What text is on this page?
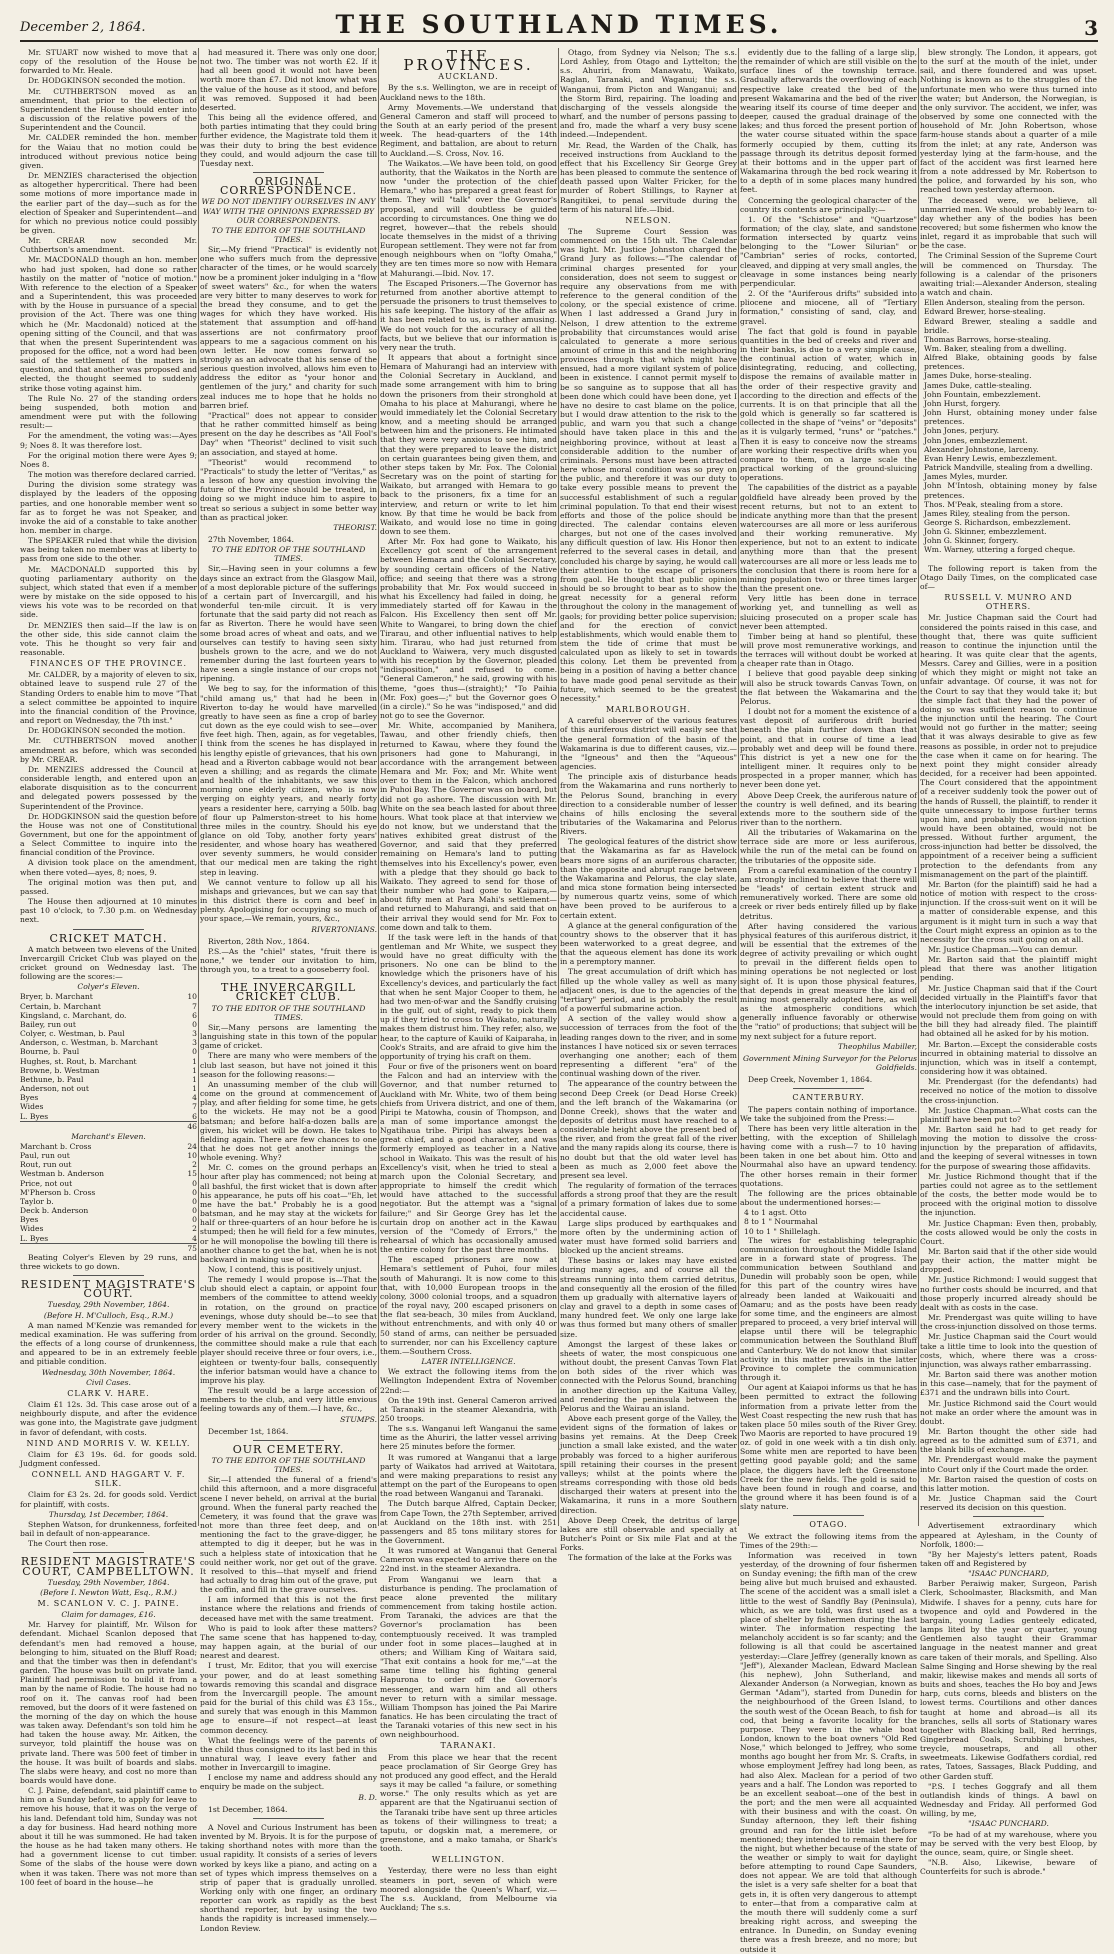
December 2, 1864.	THE SOUTHLAND TIMES.	3

Mr. STUART now wished to move that a copy of the resolution of the House be forwarded to Mr. Heale.

Dr. HODGKINSON seconded the motion.

Mr. CUTHBERTSON moved as an amendment, that prior to the election of Superintendent the House should enter into a discussion of the relative powers of the Superintendent and the Council.

Mr. CALDER reminded the hon. member for the Waiau that no motion could be introduced without previous notice being given.

Dr. MENZIES characterised the objection as altogether hypercritical. There had been some motions of more importance made in the earlier part of the day—such as for the election of Speaker and Superintendent—and for which no previous notice could possibly be given.

Mr. CREAR now seconded Mr. Cuthbertson's amendment.

Mr. MACDONALD though an hon. member who had just spoken, had done so rather hastily on the matter of "notice of motion." With reference to the election of a Speaker and a Superintendent, this was proceeded with by the House in pursuance of a special provision of the Act. There was one thing which he (Mr. Macdonald) noticed at the opening sitting of the Council, and that was that when the present Superintendent was proposed for the office, not a word had been said of the settlement of the matters in question, and that another was proposed and elected, the thought seemed to suddenly strike those voting against him.

The Rule No. 27 of the standing orders being suspended, both motion and amendment were put with the following result:—

For the amendment, the voting was:—Ayes 9; Noes 8. It was therefore lost.

For the original motion there were Ayes 9; Noes 8.

The motion was therefore declared carried.

During the division some strategy was displayed by the leaders of the opposing parties, and one honorable member went so far as to forget he was not Speaker, and invoke the aid of a constable to take another hon. member in charge.

The SPEAKER ruled that while the division was being taken no member was at liberty to pass from one side to the other.

Mr. MACDONALD supported this by quoting parliamentary authority on the subject, which stated that even if a member were by mistake on the side opposed to his views his vote was to be recorded on that side.

Dr. MENZIES then said—If the law is on the other side, this side cannot claim the vote. This he thought so very fair and reasonable.

FINANCES OF THE PROVINCE.

Mr. CALDER, by a majority of eleven to six, obtained leave to suspend rule 27 of the Standing Orders to enable him to move "That a select committee be appointed to inquire into the financial condition of the Province, and report on Wednesday, the 7th inst."

Dr. HODGKINSON seconded the motion.

Mr. CUTHBERTSON moved another amendment as before, which was seconded by Mr. CREAR.

Dr. MENZIES addressed the Council at considerable length, and entered upon an elaborate disquisition as to the concurrent and delegated powers possessed by the Superintendent of the Province.

Dr. HODGKINSON said the question before the House was not one of Constitutional Government, but one for the appointment of a Select Committee to inquire into the financial condition of the Province.

A division took place on the amendment, when there voted—ayes, 8; noes, 9.

The original motion was then put, and passed.

The House then adjourned at 10 minutes past 10 o'clock, to 7.30 p.m. on Wednesday next.

CRICKET MATCH.

A match between two elevens of the United Invercargill Cricket Club was played on the cricket ground on Wednesday last. The following are the scores:—

Colyer's Eleven.
Bryer, b. Marchant	10
Certain, b. Marchant	7
Kingsland, c. Marchant, do.	6
Bailey, run out	0
Colyer, c. Westman, b. Paul	3
Anderson, c. Westman, b. Marchant	3
Bourne, b. Paul	0
Hughes, st. Rout, b. Marchant	1
Browne, b. Westman	1
Bethune, b. Paul	1
Anderson, not out	1
Byes	4
Wides	7
L. Byes	6
	46
Marchant's Eleven.
Marchant b. Cross	24
Paul, run out	10
Rout, run out	2
Westman b. Anderson	15
Price, not out	0
M'Pherson b. Cross	0
Taylor b.	0
Deck b. Anderson	0
Byes	0
Wides	2
L. Byes	4
	75

Beating Colyer's Eleven by 29 runs, and three wickets to go down.

RESIDENT MAGISTRATE'S COURT.
Tuesday, 29th November, 1864.
(Before H. M'Culloch, Esq., R.M.)

A man named M'Kenzie was remanded for medical examination. He was suffering from the effects of a long course of drunkenness, and appeared to be in an extremely feeble and pitiable condition.

Wednesday, 30th November, 1864.
Civil Cases.
CLARK V. HARE.

Claim £1 12s. 3d. This case arose out of a neighbourly dispute, and after the evidence was gone into, the Magistrate gave judgment in favor of defendant, with costs.

NIND AND MORRIS V. W. KELLY.

Claim for £3 19s. 6d. for goods sold. Judgment confessed.

CONNELL AND HAGGART V. F. SILK.

Claim for £3 2s. 2d. for goods sold. Verdict for plaintiff, with costs.

Thursday, 1st December, 1864.

Stephen Watson, for drunkenness, forfeited bail in default of non-appearance.

The Court then rose.

RESIDENT MAGISTRATE'S COURT, CAMPBELLTOWN.
Tuesday, 29th November, 1864.
(Before I. Newton Watt, Esq., R.M.)
M. SCANLON V. C. J. PAINE.
Claim for damages, £16.

Mr. Harvey for plaintiff, Mr. Wilson for defendant. Michael Scanlon deposed that defendant's men had removed a house, belonging to him, situated on the Bluff Road; and that the timber was then in defendant's garden. The house was built on private land. Plaintiff had permission to build it from a man by the name of Rodie. The house had no roof on it. The canvas roof had been removed, but the doors of it were fastened on the morning of the day on which the house was taken away. Defendant's son told him he had taken the house away. Mr. Aitken, the surveyor, told plaintiff the house was on private land. There was 500 feet of timber in the house. It was built of boards and slabs. The slabs were heavy, and cost no more than boards would have done.

C. J. Paine, defendant, said plaintiff came to him on a Sunday before, to apply for leave to remove his house, that it was on the verge of his land. Defendant told him, Sunday was not a day for business. Had heard nothing more about it till he was summoned. He had taken the house as he had taken many others. He had a government license to cut timber. Some of the slabs of the house were down when it was taken. There was not more than 100 feet of board in the house—he

had measured it. There was only one door, not two. The timber was not worth £2. If it had all been good it would not have been worth more than £7. Did not know what was the value of the house as it stood, and before it was removed. Supposed it had been deserted.

This being all the evidence offered, and both parties intimating that they could bring further evidence, the Magistrate told them it was their duty to bring the best evidence they could, and would adjourn the case till Tuesday next.

ORIGINAL CORRESPONDENCE.
WE DO NOT IDENTIFY OURSELVES IN ANY WAY WITH THE OPINIONS EXPRESSED BY OUR CORRESPONDENTS.
TO THE EDITOR OF THE SOUTHLAND TIMES.

Sir,—My friend "Practical" is evidently not one who suffers much from the depressive character of the times, or he would scarcely now be a prominent joker indulging in a "flow of sweet waters" &c., for when the waters are very bitter to many deserves to work for the bread they consume, and to get the wages for which they have worked. His statement that assumption and off-hand assertions are not confirmatory proof appears to me a sagacious comment on his own letter. He now comes forward so strongly as an advocate that his sense of the serious question involved, allows him even to address the editor as "your honor and gentlemen of the jury," and charity for such zeal induces me to hope that he holds no barren brief.

"Practical" does not appear to consider that he rather committed himself as being present on the day he describes as "All Fool's Day" when "Theorist" declined to visit such an association, and stayed at home.

"Theorist" would recommend to "Practicals" to study the letter of "Veritas," as a lesson of how any question involving the future of the Province should be treated, in doing so we might induce him to aspire to treat so serious a subject in some better way than as practical joker.

THEORIST.

27th November, 1864.

TO THE EDITOR OF THE SOUTHLAND TIMES.

Sir,—Having seen in your columns a few days since an extract from the Glasgow Mail, of a most deplorable picture of the sufferings of a certain part of Invercargill, and his wonderful ten-mile circuit. It is very fortunate that the said party did not reach as far as Riverton. There he would have seen some broad acres of wheat and oats, and we ourselves can testify to having seen sixty bushels grown to the acre, and we do not remember during the last fourteen years to have seen a single instance of our crops not ripening.

We beg to say, for the information of this "child amang us," that had he been in Riverton to-day he would have marvelled greatly to have seen as fine a crop of barley cut down as the eye could wish to see—over five feet high. Then, again, as for vegetables, I think from the scenes he has displayed in his lengthy epistle of grievances, that his own head and a Riverton cabbage would not bear even a shilling; and as regards the climate and health of the inhabitants, we saw this morning one elderly citizen, who is now verging on eighty years, and nearly forty years a residenter here, carrying a 50lb. bag of flour up Palmerston-street to his home three miles in the country. Should his eye glance on old Toby, another forty years' residenter, and whose hoary has weathered over seventy summers, he would consider that our medical men are taking the right step in leaving.

We cannot venture to follow up all his mishaps and grievances, but we can say that in this district there is corn and beef in plenty. Apologising for occupying so much of your space,—We remain, yours, &c.,

RIVERTONIANS.

Riverton, 28th Nov., 1864.

P.S.—As the "chiel" states, "fruit there is none," we tender our invitation to him, through you, to a treat to a gooseberry fool.

THE INVERCARGILL CRICKET CLUB.
TO THE EDITOR OF THE SOUTHLAND TIMES.

Sir,—Many persons are lamenting the languishing state in this town of the popular game of cricket.

There are many who were members of the club last season, but have not joined it this season for the following reasons:—

An unassuming member of the club will come on the ground at commencement of play, and after fielding for some time, he gets to the wickets. He may not be a good batsman; and before half-a-dozen balls are given, his wicket will be down. He takes to fielding again. There are few chances to one that he does not get another innings the whole evening. Why?

Mr. C. comes on the ground perhaps an hour after play has commenced; not being at all bashful, the first wicket that is down after his appearance, he puts off his coat—"Eh, let me have the bat." Probably he is a good batsman, and he may stay at the wickets for half or three-quarters of an hour before he is stumped; then he will field for a few minutes, or he will monopolise the bowling till there is another chance to get the bat, when he is not backward in making use of it.

Now, I contend, this is positively unjust.

The remedy I would propose is—That the club should elect a captain, or appoint four members of the committee to attend weekly in rotation, on the ground on practice evenings, whose duty should be—to see that every member went to the wickets in the order of his arrival on the ground. Secondly, the committee should make a rule that each player should receive three or four overs, i.e., eighteen or twenty-four balls, consequently the inferior batsman would have a chance to improve his play.

The result would be a large accession of members to the club, and very little envious feeling towards any of them.—I have, &c.,

STUMPS.

December 1st, 1864.

OUR CEMETERY.
TO THE EDITOR OF THE SOUTHLAND TIMES.

Sir,—I attended the funeral of a friend's child this afternoon, and a more disgraceful scene I never beheld, on arrival at the burial ground. When the funeral party reached the Cemetery, it was found that the grave was not more than three feet deep, and on mentioning the fact to the grave-digger, he attempted to dig it deeper, but he was in such a helpless state of intoxication that he could neither work, nor get out of the grave. It resolved to this—that myself and friend had actually to drag him out of the grave, put the coffin, and fill in the grave ourselves.

I am informed that this is not the first instance where the relations and friends of deceased have met with the same treatment.

Who is paid to look after these matters? The same scene that has happened to-day, may happen again, at the burial of our nearest and dearest.

I trust, Mr. Editor, that you will exercise your power, and do at least something towards removing this scandal and disgrace from the Invercargill people. The amount paid for the burial of this child was £3 15s., and surely that was enough in this Mammon age to ensure—if not respect—at least common decency.

What the feelings were of the parents of the child thus consigned to its last bed in this unnatural way, I leave every father and mother in Invercargill to imagine.

I enclose my name and address should any enquiry be made on the subject.

B. D.

1st December, 1864.

A Novel and Curious Instrument has been invented by M. Bryois. It is for the purpose of taking shorthand notes with more than the usual rapidity. It consists of a series of levers worked by keys like a piano, and acting on a set of types which impress themselves on a strip of paper that is gradually unrolled. Working only with one finger, an ordinary reporter can work as rapidly as the best shorthand reporter, but by using the two hands the rapidity is increased immensely.—London Review.

THE PROVINCES.
AUCKLAND.

By the s.s. Wellington, we are in receipt of Auckland news to the 18th.

Army Movements.—We understand that General Cameron and staff will proceed to the South at an early period of the present week. The head-quarters of the 14th Regiment, and battalion, are about to return to Auckland.—S. Cross, Nov. 16.

The Waikatos.—We have been told, on good authority, that the Waikatos in the North are now "under the protection of the chief Hemara," who has prepared a great feast for them. They will "talk" over the Governor's proposal, and will doubtless be guided according to circumstances. One thing we do regret, however—that the rebels should locate themselves in the midst of a thriving European settlement. They were not far from enough neighbours when on "lofty Omaha," they are ten times more so now with Hemara at Mahurangi.—Ibid. Nov. 17.

The Escaped Prisoners.—The Governor has returned from another abortive attempt to persuade the prisoners to trust themselves to his safe keeping. The history of the affair as it has been related to us, is rather amusing. We do not vouch for the accuracy of all the facts, but we believe that our information is very near the truth.

It appears that about a fortnight since Hemara of Mahurangi had an interview with the Colonial Secretary in Auckland, and made some arrangement with him to bring down the prisoners from their stronghold at Omaha to his place at Mahurangi, where he would immediately let the Colonial Secretary know, and a meeting should be arranged between him and the prisoners. He intimated that they were very anxious to see him, and that they were prepared to leave the district on certain guarantees being given them, and other steps taken by Mr. Fox. The Colonial Secretary was on the point of starting for Waikato, but arranged with Hemara to go back to the prisoners, fix a time for an interview, and return or write to let him know. By that time he would be back from Waikato, and would lose no time in going down to see them.

After Mr. Fox had gone to Waikato, his Excellency got scent of the arrangement between Hemara and the Colonial Secretary, by sounding certain officers of the Native office; and seeing that there was a strong probability that Mr. Fox would succeed in what his Excellency had failed in doing, he immediately started off for Kawau in the Falcon. His Excellency then sent off Mr. White to Wangarei, to bring down the chief Tirarau, and other influential natives to help him. Tirarau, who had just returned from Auckland to Waiwera, very much disgusted with his reception by the Governor, pleaded "indisposition," and refused to come. "General Cameron," he said, growing with his theme, "goes thus—(straight);" "To Paihia (Mr. Fox) goes—;" but the Governor goes O (in a circle)." So he was "indisposed," and did not go to see the Governor.

Mr. White, accompanied by Manihera, Tawau, and other friendly chiefs, then returned to Kawau, where they found the prisoners had gone to Mahurangi, in accordance with the arrangement between Hemara and Mr. Fox; and Mr. White went over to them in the Falcon, which anchored in Puhoi Bay. The Governor was on board, but did not go ashore. The discussion with Mr. White on the sea beach lasted for about three hours. What took place at that interview we do not know, but we understand that the natives exhibited great distrust of the Governor, and said that they preferred remaining on Hemara's land to putting themselves into his Excellency's power, even with a pledge that they should go back to Waikato. They agreed to send for those of their number who had gone to Kaipara,—about fifty men at Para Mahi's settlement—and returned to Mahurangi, and said that on their arrival they would send for Mr. Fox to come down and talk to them.

If the task were left in the hands of that gentleman and Mr White, we suspect they would have no great difficulty with the prisoners. No one can be blind to the knowledge which the prisoners have of his Excellency's devices, and particularly the fact that when he sent Major Cooper to them, he had two men-of-war and the Sandfly cruising in the gulf, out of sight, ready to pick them up if they tried to cross to Waikato, naturally makes them distrust him. They refer, also, we hear, to the capture of Kauiki of Kaiparaha, in Cook's Straits, and are afraid to give him the opportunity of trying his craft on them.

Four or five of the prisoners went on board the Falcon and had an interview with the Governor, and that number returned to Auckland with Mr. White, two of them being chiefs from Urivera district, and one of them, Piripi te Matowha, cousin of Thompson, and a man of some importance amongst the Ngatihaua tribe. Piripi has always been a great chief, and a good character, and was formerly employed as teacher in a Native school in Waikato. This was the result of his Excellency's visit, when he tried to steal a march upon the Colonial Secretary, and appropriate to himself the credit which would have attached to the successful negotiator. But the attempt was a "signal failure;" and Sir George Grey has let the curtain drop on another act in the Kawau version of the "Comedy of Errors," the rehearsal of which has occasionally amused the entire colony for the past three months.

The escaped prisoners are now at Hemara's settlement of Puhoi, four miles south of Mahurangi. It is now come to this that, with 10,000 European troops in the colony, 3000 colonial troops, and a squadron of the royal navy, 200 escaped prisoners on the flat sea-beach, 30 miles from Auckland, without entrenchments, and with only 40 or 50 stand of arms, can neither be persuaded to surrender, nor can his Excellency capture them.—Southern Cross.

LATER INTELLIGENCE.

We extract the following items from the Wellington Independent Extra of November 22nd:—

On the 19th inst. General Cameron arrived at Taranaki in the steamer Alexandria, with 250 troops.

The s.s. Wanganui left Wanganui the same time as the Ahuriri, the latter vessel arriving here 25 minutes before the former.

It was rumored at Wanganui that a large party of Waikatos had arrived at Waitotara, and were making preparations to resist any attempt on the part of the Europeans to open the road between Wanganui and Taranaki.

The Dutch barque Alfred, Captain Decker, from Cape Town, the 27th September, arrived at Auckland on the 18th inst. with 251 passengers and 85 tons military stores for the Government.

It was rumored at Wanganui that General Cameron was expected to arrive there on the 22nd inst. in the steamer Alexandra.

From Wanganui we learn that a disturbance is pending. The proclamation of peace alone prevented the military commencement from taking hostile action. From Taranaki, the advices are that the Governor's proclamation has been contemptuously received. It was trampled under foot in some places—laughed at in others; and William King of Waitara said, "That exit contains a hook for me,"—at the same time telling his fighting general Hapurona to order off the Governor's messenger, and warn him and all others never to return with a similar message. William Thompson has joined the Pai Marire fanatics. He has been circulating the tract of the Taranaki votaries of this new sect in his own neighbourhood.

TARANAKI.

From this place we hear that the recent peace proclamation of Sir George Grey has not produced any good effect, and the Herald says it may be called "a failure, or something worse." The only results which as yet are apparent are that the Ngatiruanui section of the Taranaki tribe have sent up three articles as tokens of their willingness to treat; a taputu, or dogskin mat, a meremere, or greenstone, and a mako tamaha, or Shark's tooth.

WELLINGTON.

Yesterday, there were no less than eight steamers in port, seven of which were moored alongside the Queen's Wharf, viz.—The s.s. Auckland, from Melbourne via Auckland; The s.s.

Otago, from Sydney via Nelson; The s.s. Lord Ashley, from Otago and Lyttelton; the s.s. Ahuriri, from Manawatu, Waikato, Raglan, Taranaki, and Waganui; the s.s. Wanganui, from Picton and Wanganui; and the Storm Bird, repairing. The loading and discharging of the vessels alongside the wharf, and the number of persons passing to and fro, made the wharf a very busy scene indeed.—Independent.

Mr. Read, the Warden of the Chalk, has received instructions from Auckland to the effect that his Excellency Sir George Grey has been pleased to commute the sentence of death passed upon Walter Fricker, for the murder of Robert Stillings, to Rayner at Rangitikei, to penal servitude during the term of his natural life.—Ibid.

NELSON.

The Supreme Court Session was commenced on the 15th ult. The Calendar was light. Mr. Justice Johnston charged the Grand Jury as follows:—"The calendar of criminal charges presented for your consideration, does not seem to suggest or require any observations from me with reference to the general condition of the colony, or the special existence of crime. When I last addressed a Grand Jury in Nelson, I drew attention to the extreme probability that circumstances would arise calculated to generate a more serious amount of crime in this and the neighboring provinces through that which might have ensued, had a more vigilant system of police been in existence. I cannot permit myself to be so sanguine as to suppose that all has been done which could have been done, yet I have no desire to cast blame on the police, but I would draw attention to the risk to the public, and warn you that such a change should have taken place in this and the neighboring province, without at least a considerable addition to the number of criminals. Persons must have been attracted here whose moral condition was so prey on the public, and therefore it was our duty to take every possible means to prevent the successful establishment of such a regular criminal population. To that end their wisest efforts and those of the police should be directed. The calendar contains eleven charges, but not one of the cases involved any difficult question of law. His Honor then referred to the several cases in detail, and concluded his charge by saying, he would call their attention to the escape of prisoners from gaol. He thought that public opinion should be so brought to bear as to show the great necessity for a general reform throughout the colony in the management of gaols; for providing better police supervision; and for the erection of convict establishments, which would enable them to stem the tide of crime that must be calculated upon as likely to set in towards this colony. Let them be prevented from being in a position of having a better chance to have made good penal servitude as their future, which seemed to be the greatest necessity."

MARLBOROUGH.

A careful observer of the various features of this auriferous district will easily see that the general formation of the basin of the Wakamarina is due to different causes, viz.—the "Igneous" and then the "Aqueous" agencies.

The principle axis of disturbance heads from the Wakamarina and runs northerly to the Pelorus Sound, branching in every direction to a considerable number of lesser chains of hills enclosing the several tributaries of the Wakamarina and Pelorus Rivers.

The geological features of the district show that the Wakamarina as far as Havelock bears more signs of an auriferous character, than the opposite and abrupt range between the Wakamarina and Pelorus, the clay slate, and mica stone formation being intersected by numerous quartz veins, some of which have been proved to be auriferous to a certain extent.

A glance at the general configuration of the country shows to the observer that it has been waterworked to a great degree, and that the aqueous element has done its work in a peremptory manner.

The great accumulation of drift which has filled up the whole valley as well as many adjacent ones, is due to the agencies of the "tertiary" period, and is probably the result of a powerful submarine action.

A section of the valley would show a succession of terraces from the foot of the leading ranges down to the river, and in some instances I have noticed six or seven terraces overhanging one another; each of them representing a different "era" of the continual washing down of the river.

The appearance of the country between the second Deep Creek (or Dead Horse Creek) and the left branch of the Wakamarina (or Donne Creek), shows that the water and deposits of detritus must have reached to a considerable height above the present bed of the river, and from the great fall of the river and the many rapids along its course, there is no doubt but that the old water level has been as much as 2,000 feet above the present sea level.

The regularity of formation of the terraces affords a strong proof that they are the result of a primary formation of lakes due to some accidental cause.

Large slips produced by earthquakes and more often by the undermining action of water must have formed solid barriers and blocked up the ancient streams.

These basins or lakes may have existed during many ages, and of course all the streams running into them carried detritus, and consequently all the erosion of the filled them up gradually with alternative layers of clay and gravel to a depth in some cases of many hundred feet. We only one large lake was thus formed but many others of smaller size.

Amongst the largest of these lakes or sheets of water, the most conspicuous one without doubt, the present Canvas Town Flat on both sides of the river which was connected with the Pelorus Sound, branching in another direction up the Kaituna Valley, and rendering the peninsula between the Pelorus and the Wairau an island.

Above each present gorge of the Valley, the evident signs of the formation of lakes or basins yet remains. At the Deep Creek junction a small lake existed, and the water probably was forced to a higher auriferous spill retaining their courses in the present valleys; whilst at the points where the streams corresponding with those old beds discharged their waters at present into the Wakamarina, it runs in a more Southern direction.

Above Deep Creek, the detritus of large lakes are still observable and specially at Butcher's Point or Six mile Flat and at the Forks.

The formation of the lake at the Forks was

evidently due to the falling of a large slip, the remainder of which are still visible on the surface lines of the township terrace. Gradually afterwards the overflowing of each respective lake created the bed of the present Wakamarina and the bed of the river wearing itself its course of time deeper and deeper, caused the gradual drainage of the lakes; and thus forced the present portion of the water course situated within the space formerly occupied by them, cutting its passage through its detritus deposit formed at their bottoms and in the upper part of Wakamarina through the bed rock wearing it to a depth of in some places many hundred feet.

Concerning the geological character of the country its contents are principally:—

1. Of the "Schistose" and "Quartzose" formation; of the clay, slate, and sandstone formation intersected by quartz veins belonging to the "Lower Silurian" or "Cambrian" series of rocks, contorted, cleaved, and dipping at very small angles, the cleavage in some instances being nearly perpendicular.

2. Of the "Auriferous drifts" subsided into pliocene and miocene, all of "Tertiary formation," consisting of sand, clay, and gravel.

The fact that gold is found in payable quantities in the bed of creeks and river and in their banks, is due to a very simple cause, the continual action of water, which in disintegrating, reducing, and collecting, dispose the remains of available matter in the order of their respective gravity and according to the direction and effects of the currents. It is on that principle that all the gold which is generally so far scattered is collected in the shape of "veins" or "deposits" as it is vulgarly termed, "runs" or "patches." Then it is easy to conceive now the streams are working their respective drifts when you compare to them, on a large scale the practical working of the ground-sluicing operations.

The capabilities of the district as a payable goldfield have already been proved by the recent returns, but not to an extent to indicate anything more than that the present watercourses are all more or less auriferous and their working remunerative. My experience, but not to an extent to indicate anything more than that the present watercourses are all more or less leads me to the conclusion that there is room here for a mining population two or three times larger than the present one.

Very little has been done in terrace working yet, and tunnelling as well as sluicing prosecuted on a proper scale has never been attempted.

Timber being at hand so plentiful, these will prove most remunerative workings, and the terraces will without doubt be worked at a cheaper rate than in Otago.

I believe that good payable deep sinking will also be struck towards Canvas Town, on the flat between the Wakamarina and the Pelorus.

I doubt not for a moment the existence of a vast deposit of auriferous drift buried beneath the plain further down than that point, and that in course of time a lead probably wet and deep will be found there. This district is yet a new one for the intelligent miner. It requires only to be prospected in a proper manner, which has never been done yet.

Above Deep Creek, the auriferous nature of the country is well defined, and its bearing extends more to the southern side of the river than to the northern.

All the tributaries of Wakamarina on the terrace side are more or less auriferous, while the run of the metal can be found on the tributaries of the opposite side.

From a careful examination of the country I am strongly inclined to believe that there will be "leads" of certain extent struck and remuneratively worked. There are some old creek or river beds entirely filled up by flake detritus.

After having considered the various physical features of this auriferous district, it will be essential that the extremes of the degree of activity prevailing or which ought to prevail in the different fields open to mining operations be not neglected or lost sight of. It is upon those physical features, that depends in great measure the kind of mining most generally adopted here, as well as the atmospheric conditions which generally influence favorably or otherwise the "ratio" of productions; that subject will be my next subject for a future report.

Theophilus Mabiller,
Government Mining Surveyor for the Pelorus Goldfields.

Deep Creek, November 1, 1864.

CANTERBURY.

The papers contain nothing of importance. We take the subjoined from the Press:—

There has been very little alteration in the betting, with the exception of Shillelagh having come with a rush—7 to 10 having been taken in one bet about him. Otto and Nourmahal also have an upward tendency. The other horses remain in their former quotations.

The following are the prices obtainable about the undermentioned horses:—

4 to 1 agst. Otto

8 to 1 " Nourmahal

10 to 1 " Shillelagh.

The wires for establishing telegraphic communication throughout the Middle Island are in a forward state of progress. The communication between Southland and Dunedin will probably soon be open, while for this part of the country wires have already been landed at Waikouaiti and Oamaru; and as the posts have been ready for some time, and the engineers are almost prepared to proceed, a very brief interval will elapse until there will be telegraphic communication between the Southland Bluff and Canterbury. We do not know that similar activity in this matter prevails in the latter Province to complete the communication through it.

Our agent at Kaiapoi informs us that he has been permitted to extract the following information from a private letter from the West Coast respecting the new rush that has taken place 50 miles south of the River Grey. Two Maoris are reported to have procured 19 oz. of gold in one week with a tin dish only. Some white men are reported to have been getting good payable gold; and the same place, the diggers have left the Greenstone Creek for the new fields. The gold is said to have been found in rough and coarse, and the ground where it has been found is of a slaty nature.

OTAGO.

We extract the following items from the Times of the 29th:—

Information was received in town yesterday, of the drowning of four fishermen on Sunday evening; the fifth man of the crew being alive but much bruised and exhausted. The scene of the accident was a small islet a little to the west of Sandfly Bay (Peninsula), which, as we are told, was first used as a place of shelter by fishermen during the last winter. The information respecting the melancholy accident is so far scanty; and the following is all that could be ascertained yesterday:—Clare Jeffrey (generally known as "Jeff"), Alexander Maclean, Edward Maclean (his nephew), John Sutherland, and Alexander Anderson (a Norwegian, known as German "Adam"), started from Dunedin for the neighbourhood of the Green Island, to the south west of the Ocean Beach, to fish for cod, that being a favorite locality for the purpose. They were in the whale boat London, known to the boat owners "Old Red Nose," which belonged to Jeffrey, who some months ago bought her from Mr. S. Crafts, in whose employment Jeffrey had long been, as had also Alex. Maclean for a period of two years and a half. The London was reported to be an excellent seaboat—one of the best in the port; and the men were all acquainted with their business and with the coast. On Sunday afternoon, they left their fishing ground and ran for the little islet before mentioned; they intended to remain there for the night, but whether because of the state of the weather or simply to wait for daylight before attempting to round Cape Saunders, does not appear. We are told that although the islet is a very safe shelter for a boat that gets in, it is often very dangerous to attempt to enter—that from a comparative calm at the mouth there will suddenly come a surf breaking right across, and sweeping the entrance. In Dunedin, on Sunday evening there was a fresh breeze, and no more; but outside it

blew strongly. The London, it appears, got to the surf at the mouth of the inlet, under sail, and there foundered and was upset. Nothing is known as to the struggles of the unfortunate men who were thus turned into the water; but Anderson, the Norwegian, is the only survivor. The accident, we infer, was observed by some one connected with the household of Mr. John Robertson, whose farm-house stands about a quarter of a mile from the inlet; at any rate, Anderson was yesterday lying at the farm-house, and the fact of the accident was first learned here from a note addressed by Mr. Robertson to the police, and forwarded by his son, who reached town yesterday afternoon.

The deceased were, we believe, all unmarried men. We should probably learn to-day whether any of the bodies has been recovered; but some fishermen who know the inlet, regard it as improbable that such will be the case.

The Criminal Session of the Supreme Court will be commenced on Thursday. The following is a calendar of the prisoners awaiting trial:—Alexander Anderson, stealing a watch and chain.

Ellen Anderson, stealing from the person.

Edward Brewer, horse-stealing.

Edward Brewer, stealing a saddle and bridle.

Thomas Barrows, horse-stealing.

Wm. Baker, stealing from a dwelling.

Alfred Blake, obtaining goods by false pretences.

James Duke, horse-stealing.

James Duke, cattle-stealing.

John Fountain, embezzlement.

John Hurst, forgery.

John Hurst, obtaining money under false pretences.

John Jones, perjury.

John Jones, embezzlement.

Alexander Johnstone, larceny.

Evan Henry Lewis, embezzlement.

Patrick Mandville, stealing from a dwelling.

James Myles, murder.

John M'Intosh, obtaining money by false pretences.

Thos. M'Peak, stealing from a store.

James Riley, stealing from the person.

George S. Richardson, embezzlement.

John G. Skinner, embezzlement.

John G. Skinner, forgery.

Wm. Warney, uttering a forged cheque.

The following report is taken from the Otago Daily Times, on the complicated case of—

RUSSELL V. MUNRO AND OTHERS.

Mr. Justice Chapman said the Court had considered the points raised in this case, and thought that, there was quite sufficient reason to continue the injunction until the hearing. It was quite clear that the agents, Messrs. Carey and Gillies, were in a position of which they might or might not take an unfair advantage. Of course, it was not for the Court to say that they would take it; but the simple fact that they had the power of doing so was sufficient reason to continue the injunction until the hearing. The Court would not go further in the matter; seeing that it was always desirable to give as few reasons as possible, in order not to prejudice the case when it came on for hearing. The next point they might consider already decided, for a receiver had been appointed. The Court considered that the appointment of a receiver suddenly took the power out of the hands of Russell, the plaintiff, to render it quite unnecessary to impose further terms upon him, and probably the cross-injunction would have been obtained, would not be pressed. Without further argument, the cross-injunction had better be dissolved, the appointment of a receiver being a sufficient protection to the defendants from any mismanagement on the part of the plaintiff.

Mr. Barton (for the plaintiff) said he had a notice of motion with respect to the cross-injunction. If the cross-suit went on it will be a matter of considerable expense, and this argument is it might turn in such a way that the Court might express an opinion as to the necessity for the cross suit going on at all.

Mr. Justice Chapman.—You can demur.

Mr. Barton said that the plaintiff might plead that there was another litigation pending.

Mr. Justice Chapman said that if the Court decided virtually in the Plaintiff's favor that the interlocutory injunction be set aside, that would not preclude them from going on with the bill they had already filed. The plaintiff had obtained all he asked for by his motion.

Mr. Barton.—Except the considerable costs incurred in obtaining material to dissolve an injunction, which was in itself a contempt, considering how it was obtained.

Mr. Prendergast (for the defendants) had received no notice of the motion to dissolve the cross-injunction.

Mr. Justice Chapman.—What costs can the plaintiff have been put to?

Mr. Barton said he had to get ready for moving the motion to dissolve the cross-injunction by the preparation of affidavits, and the keeping of several witnesses in town for the purpose of swearing those affidavits.

Mr. Justice Richmond thought that if the parties could not agree as to the settlement of the costs, the better mode would be to proceed with the original motion to dissolve the injunction.

Mr. Justice Chapman: Even then, probably, the costs allowed would be only the costs in Court.

Mr. Barton said that if the other side would pay their action, the matter might be dropped.

Mr. Justice Richmond: I would suggest that no further costs should be incurred, and that those properly incurred already should be dealt with as costs in the case.

Mr. Prendergast was quite willing to have the cross-injunction dissolved on those terms.

Mr. Justice Chapman said the Court would take a little time to look into the question of costs, which, where there was a cross-injunction, was always rather embarrassing.

Mr. Barton said there was another motion in this case—namely, that for the payment of £371 and the undrawn bills into Court.

Mr. Justice Richmond said the Court would not make an order where the amount was in doubt.

Mr. Barton thought the other side had agreed as to the admitted sum of £371, and the blank bills of exchange.

Mr. Prendergast would make the payment into Court only if the Court made the order.

Mr. Barton raised the question of costs on this latter motion.

Mr. Justice Chapman said the Court reserved its decision on this question.

Advertisement extraordinary which appeared at Aylesham, in the County of Norfolk, 1800:—

"By her Majesty's letters patent, Roads taken off and Registered by

"ISAAC PUNCHARD,

Barber Peraiwig maker, Surgeon, Parish Clerk, Schoolmaster, Blacksmith, and Man Midwife. I shaves for a penny, cuts hare for twopence and oyld and Powdered in the bargain, young Ladies genteely edicated, lamps lited by the year or quarter, young Gentlemen also taught their Grammar language in the neatest manner and great care taken of their morals, and Spelling. Also Salme Singing and Horse shewing by the real makir, likewise makes and mends all sorts of buits and shoes, teaches the Ho boy and Jews harp, cuts corns, bleeds and blisters on the lowest terms. Courtilions and other dances taught at home and abroad—is all its branches, sells all sorts of Stationary wares together with Blacking ball, Red herrings, Gingerbread Coals, Scrubbing brushes, treycle, mousetraps, and all other sweetmeats. Likewise Godfathers cordial, red rates, Tatoes, Sassages, Black Pudding, and other Garden stuff.

"P.S. I teches Goggrafy and all them outlandish kinds of things. A bawl on Wednesday and Friday. All performed God willing, by me,

"ISAAC PUNCHARD.

"To be had of at my warehouse, where you may be served with the very best Eloop, by the ounce, seam, quire, or Single sheet.

"N.B. Also, Likewise, beware of Counterfeits for such is abrode."
